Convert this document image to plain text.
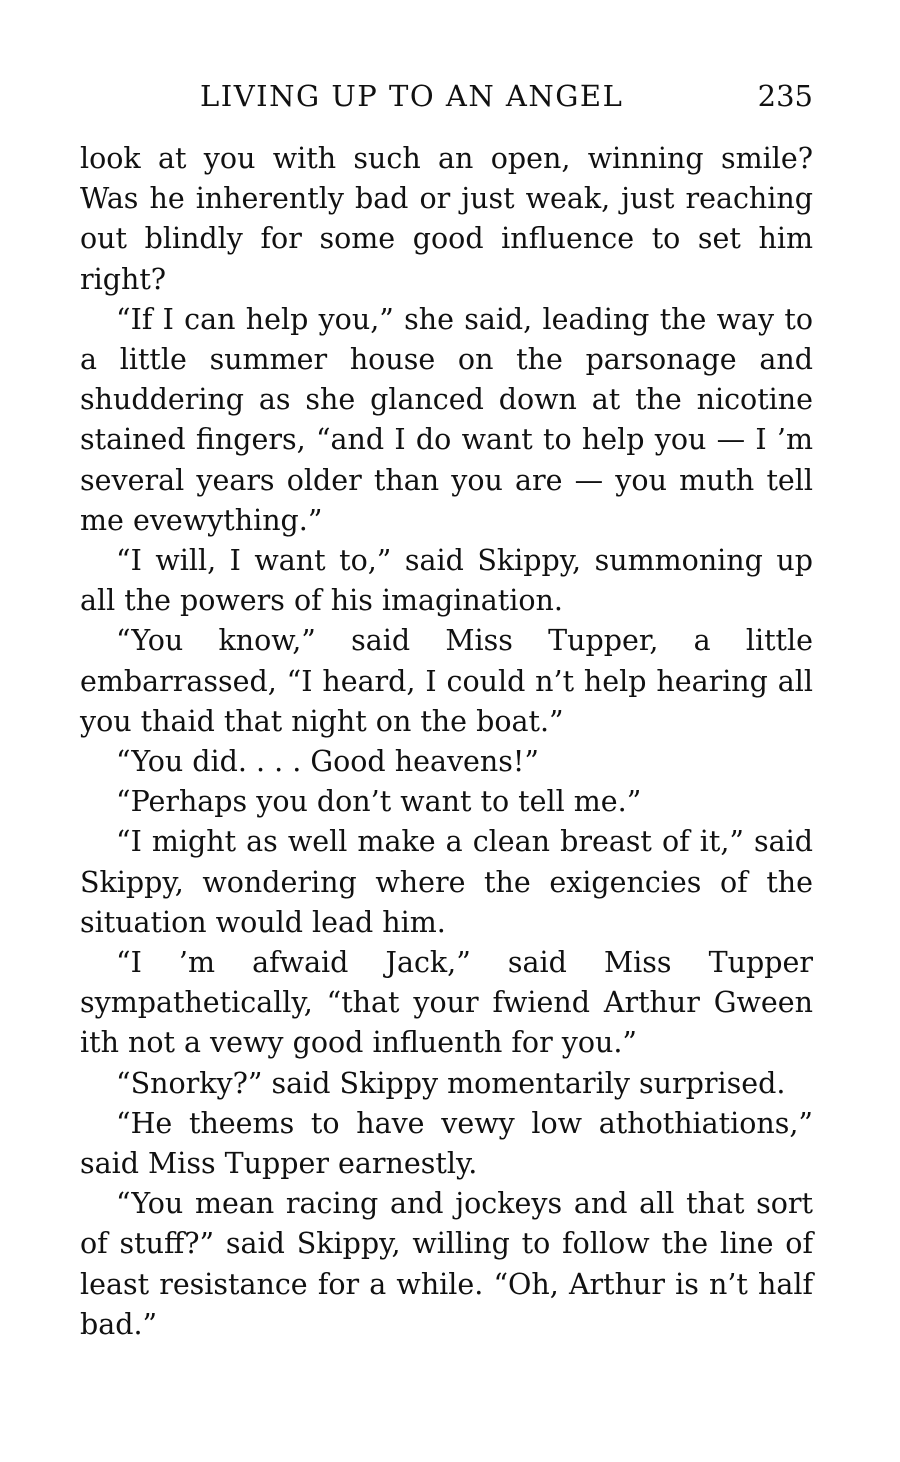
LIVING UP TO AN ANGEL	235

look at you with such an open, winning smile? Was he inherently bad or just weak, just reaching out blindly for some good influence to set him right?

“If I can help you,” she said, leading the way to a little summer house on the parsonage and shuddering as she glanced down at the nicotine stained fingers, “and I do want to help you — I ’m several years older than you are — you muth tell me evewything.”

“I will, I want to,” said Skippy, summoning up all the powers of his imagination.

“You know,” said Miss Tupper, a little embarrassed, “I heard, I could n’t help hearing all you thaid that night on the boat.”

“You did. . . . Good heavens!”

“Perhaps you don’t want to tell me.”

“I might as well make a clean breast of it,” said Skippy, wondering where the exigencies of the situation would lead him.

“I ’m afwaid Jack,” said Miss Tupper sympathetically, “that your fwiend Arthur Gween ith not a vewy good influenth for you.”

“Snorky?” said Skippy momentarily surprised.

“He theems to have vewy low athothiations,” said Miss Tupper earnestly.

“You mean racing and jockeys and all that sort of stuff?” said Skippy, willing to follow the line of least resistance for a while. “Oh, Arthur is n’t half bad.”
